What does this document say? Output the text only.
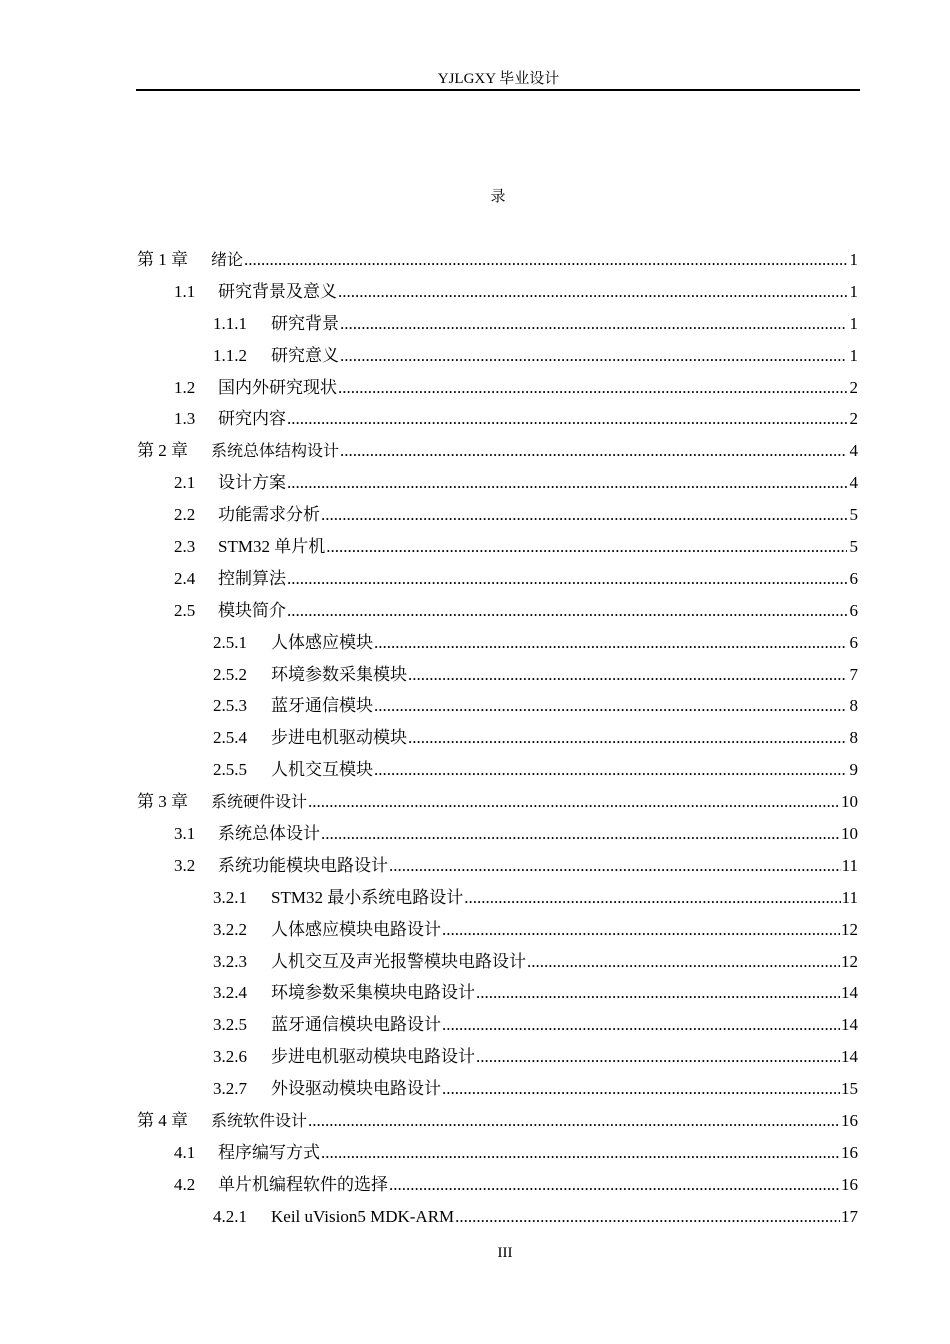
YJLGXY 毕业设计
录
第 1 章	绪论 .....	1
1.1	研究背景及意义 .....	1
1.1.1	研究背景 .....	1
1.1.2	研究意义 .....	1
1.2	国内外研究现状 .....	2
1.3	研究内容 .....	2
第 2 章	系统总体结构设计 .....	4
2.1	设计方案 .....	4
2.2	功能需求分析 .....	5
2.3	STM32 单片机 .....	5
2.4	控制算法 .....	6
2.5	模块简介 .....	6
2.5.1	人体感应模块 .....	6
2.5.2	环境参数采集模块 .....	7
2.5.3	蓝牙通信模块 .....	8
2.5.4	步进电机驱动模块 .....	8
2.5.5	人机交互模块 .....	9
第 3 章	系统硬件设计 .....	10
3.1	系统总体设计 .....	10
3.2	系统功能模块电路设计 .....	11
3.2.1	STM32 最小系统电路设计 .....	11
3.2.2	人体感应模块电路设计 .....	12
3.2.3	人机交互及声光报警模块电路设计 .....	12
3.2.4	环境参数采集模块电路设计 .....	14
3.2.5	蓝牙通信模块电路设计 .....	14
3.2.6	步进电机驱动模块电路设计 .....	14
3.2.7	外设驱动模块电路设计 .....	15
第 4 章	系统软件设计 .....	16
4.1	程序编写方式 .....	16
4.2	单片机编程软件的选择 .....	16
4.2.1	Keil uVision5 MDK-ARM .....	17
III
